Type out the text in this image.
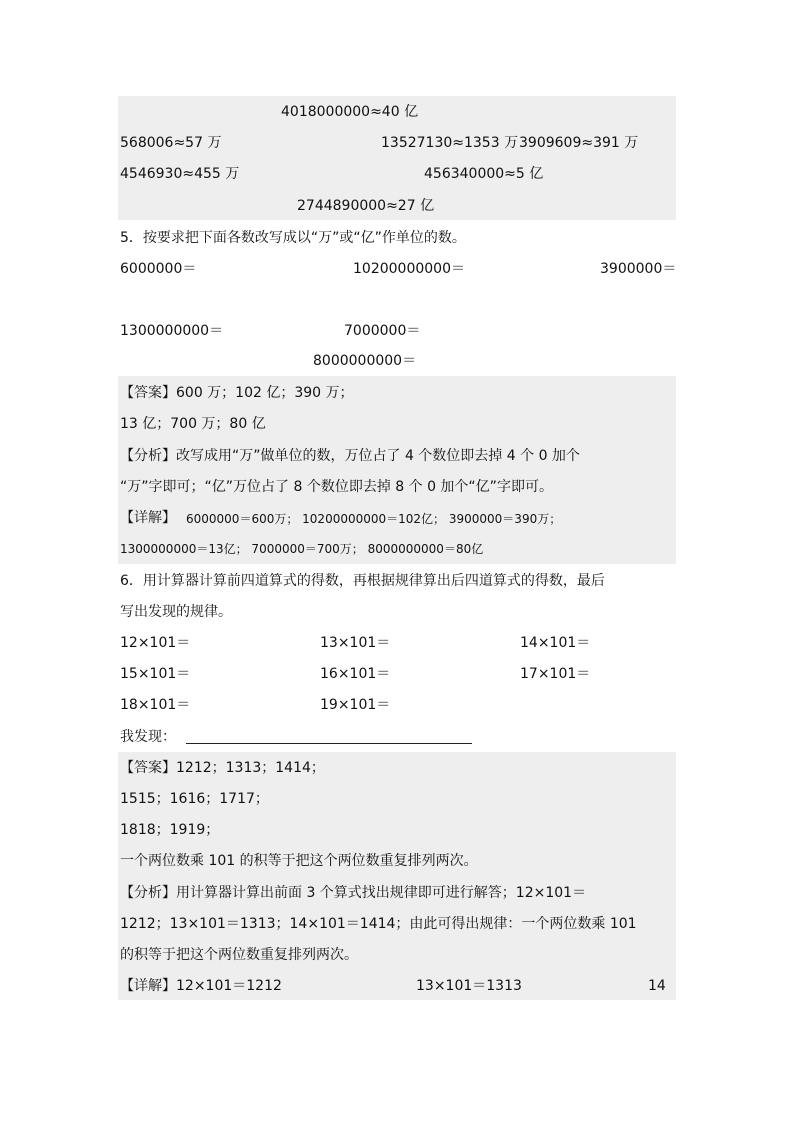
4018000000≈40 亿
568006≈57 万	13527130≈1353 万 3909609≈391 万
4546930≈455 万	456340000≈5 亿
2744890000≈27 亿
5．按要求把下面各数改写成以“万”或“亿”作单位的数。
6000000＝	10200000000＝	3900000＝
1300000000＝	7000000＝
8000000000＝
【答案】600 万；102 亿；390 万；
13 亿；700 万；80 亿
【分析】改写成用“万”做单位的数，万位占了 4 个数位即去掉 4 个 0 加个
“万”字即可；“亿”万位占了 8 个数位即去掉 8 个 0 加个“亿”字即可。
【详解】 6000000＝600万； 10200000000＝102亿； 3900000＝390万；
1300000000＝13亿； 7000000＝700万； 8000000000＝80亿
6．用计算器计算前四道算式的得数，再根据规律算出后四道算式的得数，最后
写出发现的规律。
12×101＝	13×101＝	14×101＝
15×101＝	16×101＝	17×101＝
18×101＝	19×101＝
我发现：
【答案】1212；1313；1414；
1515；1616；1717；
1818；1919；
一个两位数乘 101 的积等于把这个两位数重复排列两次。
【分析】用计算器计算出前面 3 个算式找出规律即可进行解答；12×101＝
1212；13×101＝1313；14×101＝1414；由此可得出规律：一个两位数乘 101
的积等于把这个两位数重复排列两次。
【详解】12×101＝1212	13×101＝1313	14
